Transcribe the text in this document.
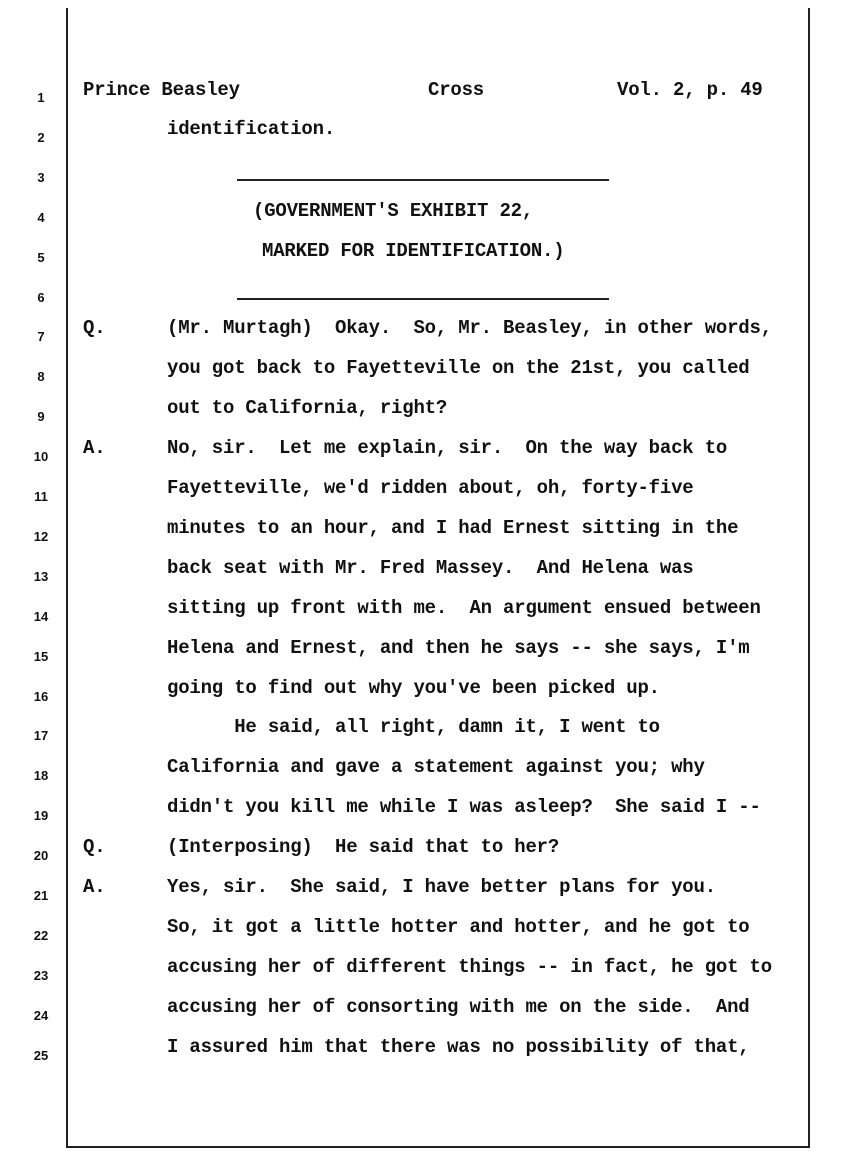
1
2
3
4
5
6
7
8
9
10
11
12
13
14
15
16
17
18
19
20
21
22
23
24
25
Prince Beasley	Cross	Vol. 2, p. 49
(GOVERNMENT'S EXHIBIT 22,
MARKED FOR IDENTIFICATION.)
identification.
Q.	(Mr. Murtagh)  Okay.  So, Mr. Beasley, in other words,
you got back to Fayetteville on the 21st, you called
out to California, right?
A.	No, sir.  Let me explain, sir.  On the way back to
Fayetteville, we'd ridden about, oh, forty-five
minutes to an hour, and I had Ernest sitting in the
back seat with Mr. Fred Massey.  And Helena was
sitting up front with me.  An argument ensued between
Helena and Ernest, and then he says -- she says, I'm
going to find out why you've been picked up.
He said, all right, damn it, I went to
California and gave a statement against you; why
didn't you kill me while I was asleep?  She said I --
Q.	(Interposing)  He said that to her?
A.	Yes, sir.  She said, I have better plans for you.
So, it got a little hotter and hotter, and he got to
accusing her of different things -- in fact, he got to
accusing her of consorting with me on the side.  And
I assured him that there was no possibility of that,
